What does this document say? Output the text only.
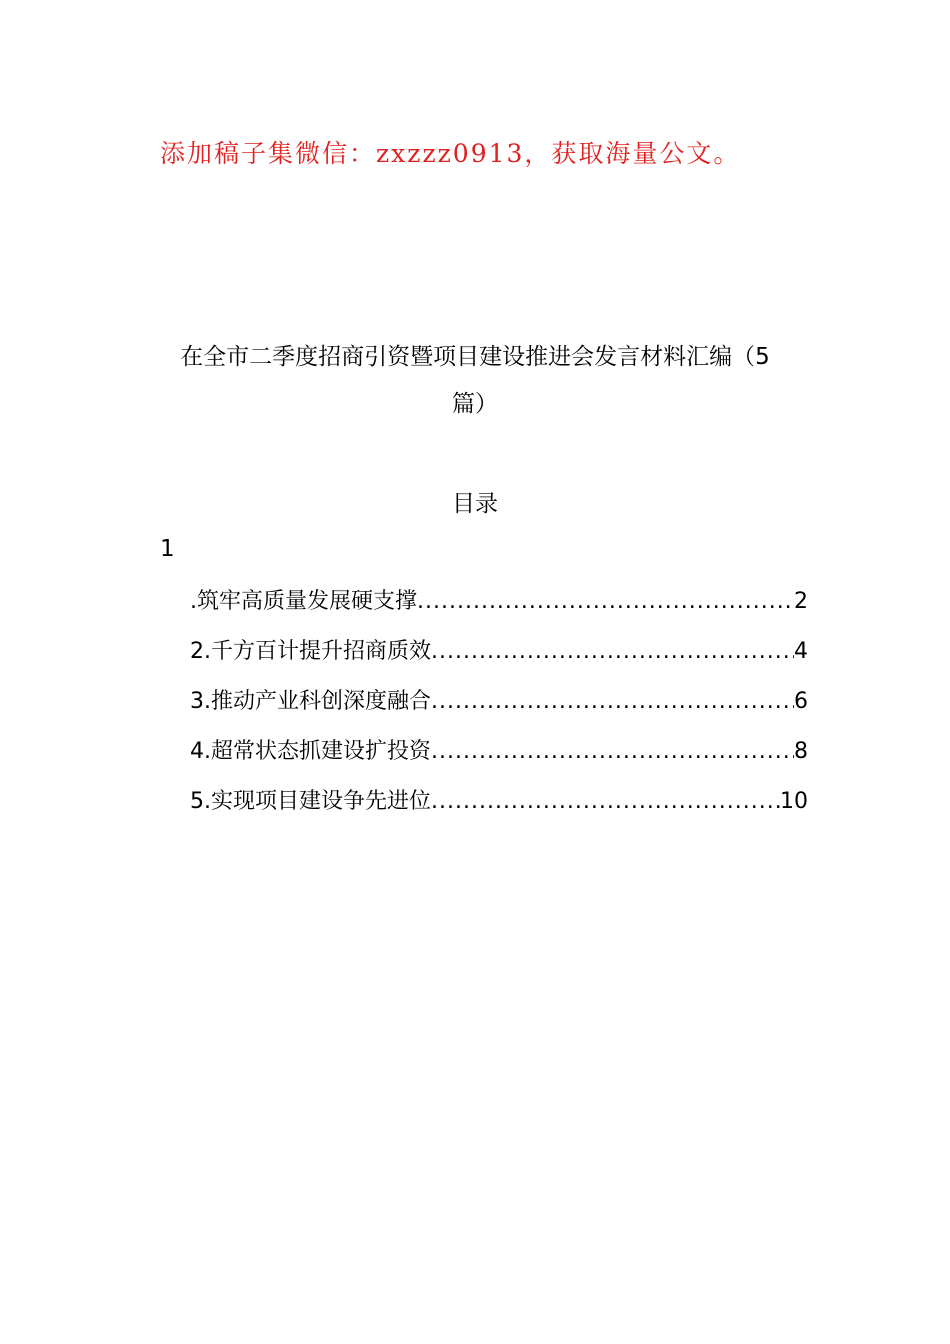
添加稿子集微信：zxzzz0913，获取海量公文。
在全市二季度招商引资暨项目建设推进会发言材料汇编（5
篇）
目录
1
.筑牢高质量发展硬支撑 .....	2
2.千方百计提升招商质效 .....	4
3.推动产业科创深度融合 .....	6
4.超常状态抓建设扩投资 .....	8
5.实现项目建设争先进位 .....	10
